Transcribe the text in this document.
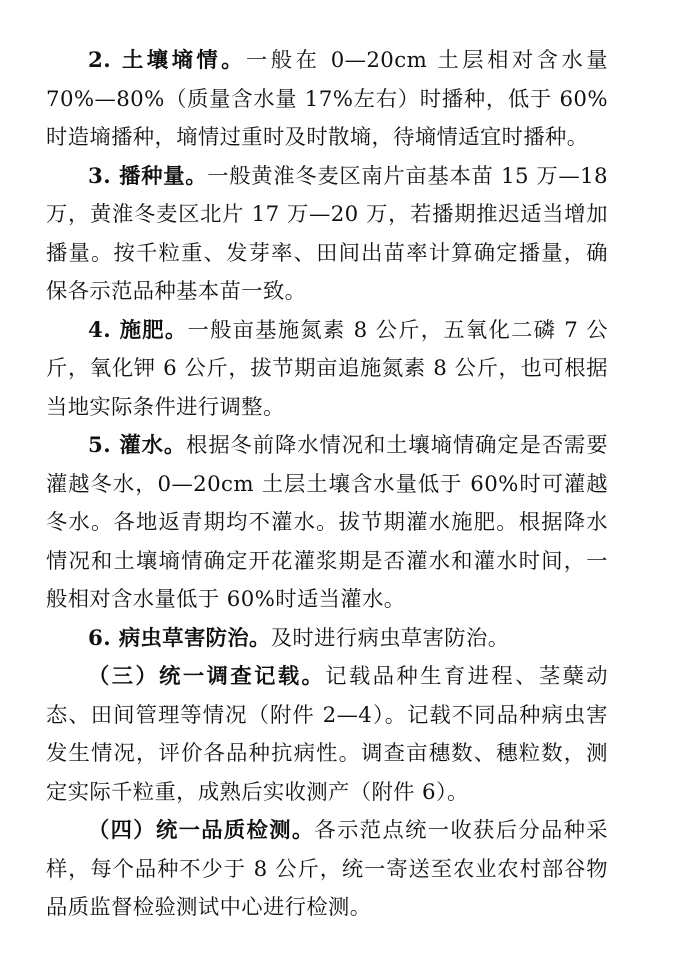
2. 土壤墒情。一般在 0—20cm 土层相对含水量 70%—80%（质量含水量 17%左右）时播种，低于 60%时造墒播种，墒情过重时及时散墒，待墒情适宜时播种。

3. 播种量。一般黄淮冬麦区南片亩基本苗 15 万—18 万，黄淮冬麦区北片 17 万—20 万，若播期推迟适当增加播量。按千粒重、发芽率、田间出苗率计算确定播量，确保各示范品种基本苗一致。

4. 施肥。一般亩基施氮素 8 公斤，五氧化二磷 7 公斤，氧化钾 6 公斤，拔节期亩追施氮素 8 公斤，也可根据当地实际条件进行调整。

5. 灌水。根据冬前降水情况和土壤墒情确定是否需要灌越冬水，0—20cm 土层土壤含水量低于 60%时可灌越冬水。各地返青期均不灌水。拔节期灌水施肥。根据降水情况和土壤墒情确定开花灌浆期是否灌水和灌水时间，一般相对含水量低于 60%时适当灌水。

6. 病虫草害防治。及时进行病虫草害防治。

（三）统一调查记载。记载品种生育进程、茎蘖动态、田间管理等情况（附件 2—4）。记载不同品种病虫害发生情况，评价各品种抗病性。调查亩穗数、穗粒数，测定实际千粒重，成熟后实收测产（附件 6）。

（四）统一品质检测。各示范点统一收获后分品种采样，每个品种不少于 8 公斤，统一寄送至农业农村部谷物品质监督检验测试中心进行检测。
